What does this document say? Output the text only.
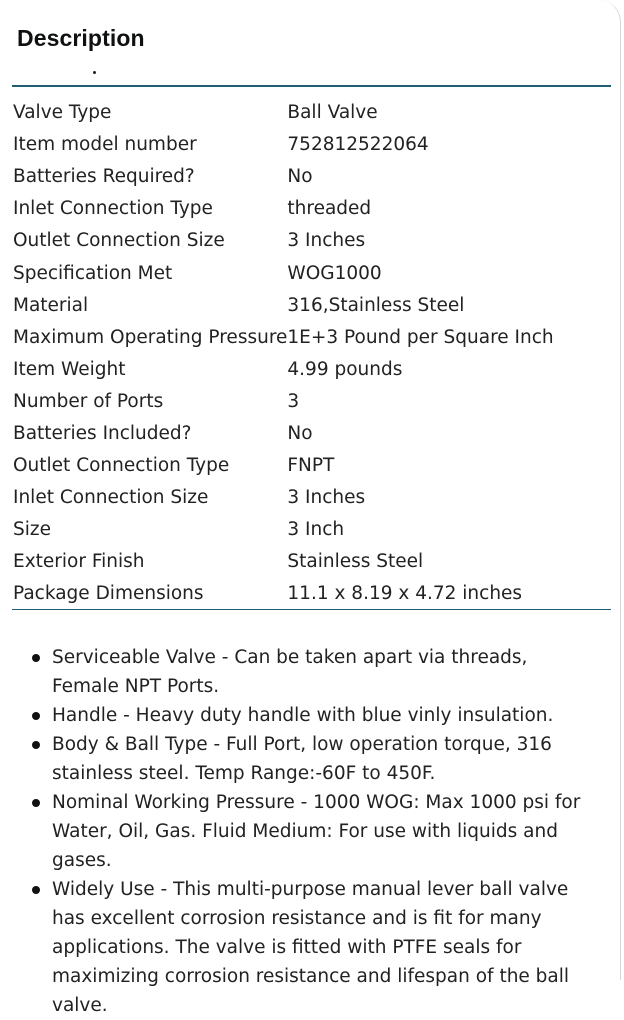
Description
Valve Type	Ball Valve
Item model number	752812522064
Batteries Required?	No
Inlet Connection Type	threaded
Outlet Connection Size	3 Inches
Specification Met	WOG1000
Material	316,Stainless Steel
Maximum Operating Pressure	1E+3 Pound per Square Inch
Item Weight	4.99 pounds
Number of Ports	3
Batteries Included?	No
Outlet Connection Type	FNPT
Inlet Connection Size	3 Inches
Size	3 Inch
Exterior Finish	Stainless Steel
Package Dimensions	11.1 x 8.19 x 4.72 inches
Serviceable Valve - Can be taken apart via threads, Female NPT Ports.
Handle - Heavy duty handle with blue vinly insulation.
Body & Ball Type - Full Port, low operation torque, 316 stainless steel. Temp Range:-60F to 450F.
Nominal Working Pressure - 1000 WOG: Max 1000 psi for Water, Oil, Gas. Fluid Medium: For use with liquids and gases.
Widely Use - This multi-purpose manual lever ball valve has excellent corrosion resistance and is fit for many applications. The valve is fitted with PTFE seals for maximizing corrosion resistance and lifespan of the ball valve.
